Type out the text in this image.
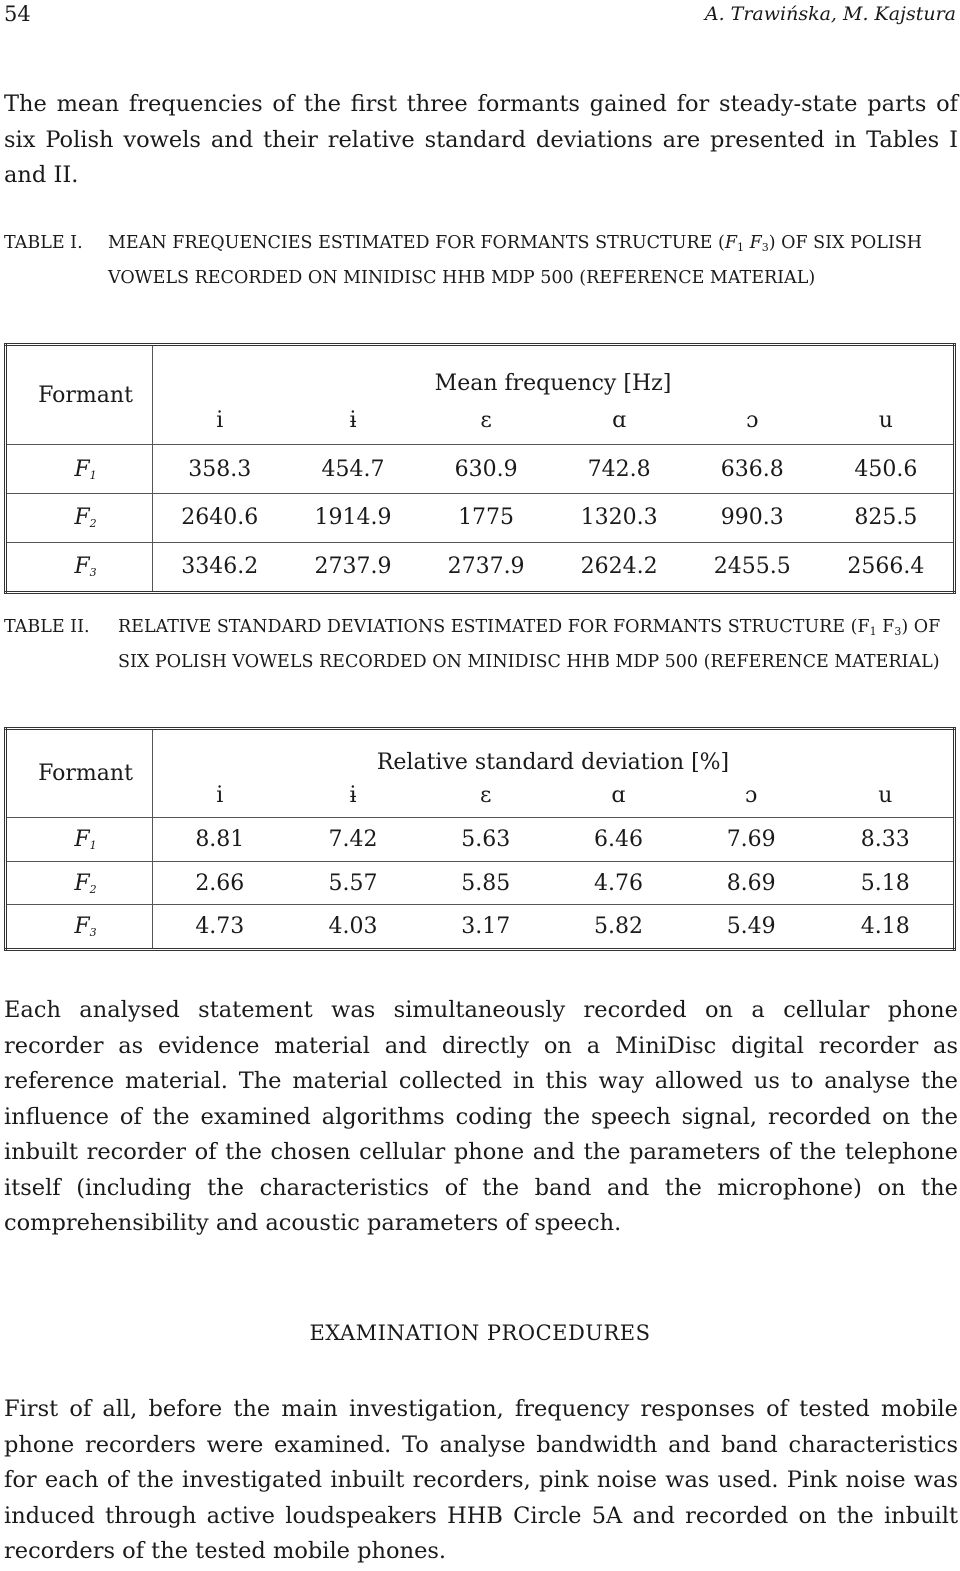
54	A. Trawińska, M. Kajstura

The mean frequencies of the first three formants gained for steady-state parts of six Polish vowels and their relative standard deviations are presented in Tables I and II.

TABLE I. MEAN FREQUENCIES ESTIMATED FOR FORMANTS STRUCTURE ($F_1$ $F_3$) OF SIX POLISH VOWELS RECORDED ON MINIDISC HHB MDP 500 (REFERENCE MATERIAL)
Formant	Mean frequency [Hz]					
	i	ɨ	ɛ	ɑ	ɔ	u
$F_1$	358.3	454.7	630.9	742.8	636.8	450.6
$F_2$	2640.6	1914.9	1775	1320.3	990.3	825.5
$F_3$	3346.2	2737.9	2737.9	2624.2	2455.5	2566.4
TABLE II. RELATIVE STANDARD DEVIATIONS ESTIMATED FOR FORMANTS STRUCTURE ($F_1$ $F_3$) OF SIX POLISH VOWELS RECORDED ON MINIDISC HHB MDP 500 (REFERENCE MATERIAL)
Formant	Relative standard deviation [%]					
	i	ɨ	ɛ	ɑ	ɔ	u
$F_1$	8.81	7.42	5.63	6.46	7.69	8.33
$F_2$	2.66	5.57	5.85	4.76	8.69	5.18
$F_3$	4.73	4.03	3.17	5.82	5.49	4.18

Each analysed statement was simultaneously recorded on a cellular phone recorder as evidence material and directly on a MiniDisc digital recorder as reference material. The material collected in this way allowed us to analyse the influence of the examined algorithms coding the speech signal, recorded on the inbuilt recorder of the chosen cellular phone and the parameters of the telephone itself (including the characteristics of the band and the microphone) on the comprehensibility and acoustic parameters of speech.

EXAMINATION PROCEDURES

First of all, before the main investigation, frequency responses of tested mobile phone recorders were examined. To analyse bandwidth and band characteristics for each of the investigated inbuilt recorders, pink noise was used. Pink noise was induced through active loudspeakers HHB Circle 5A and recorded on the inbuilt recorders of the tested mobile phones.
